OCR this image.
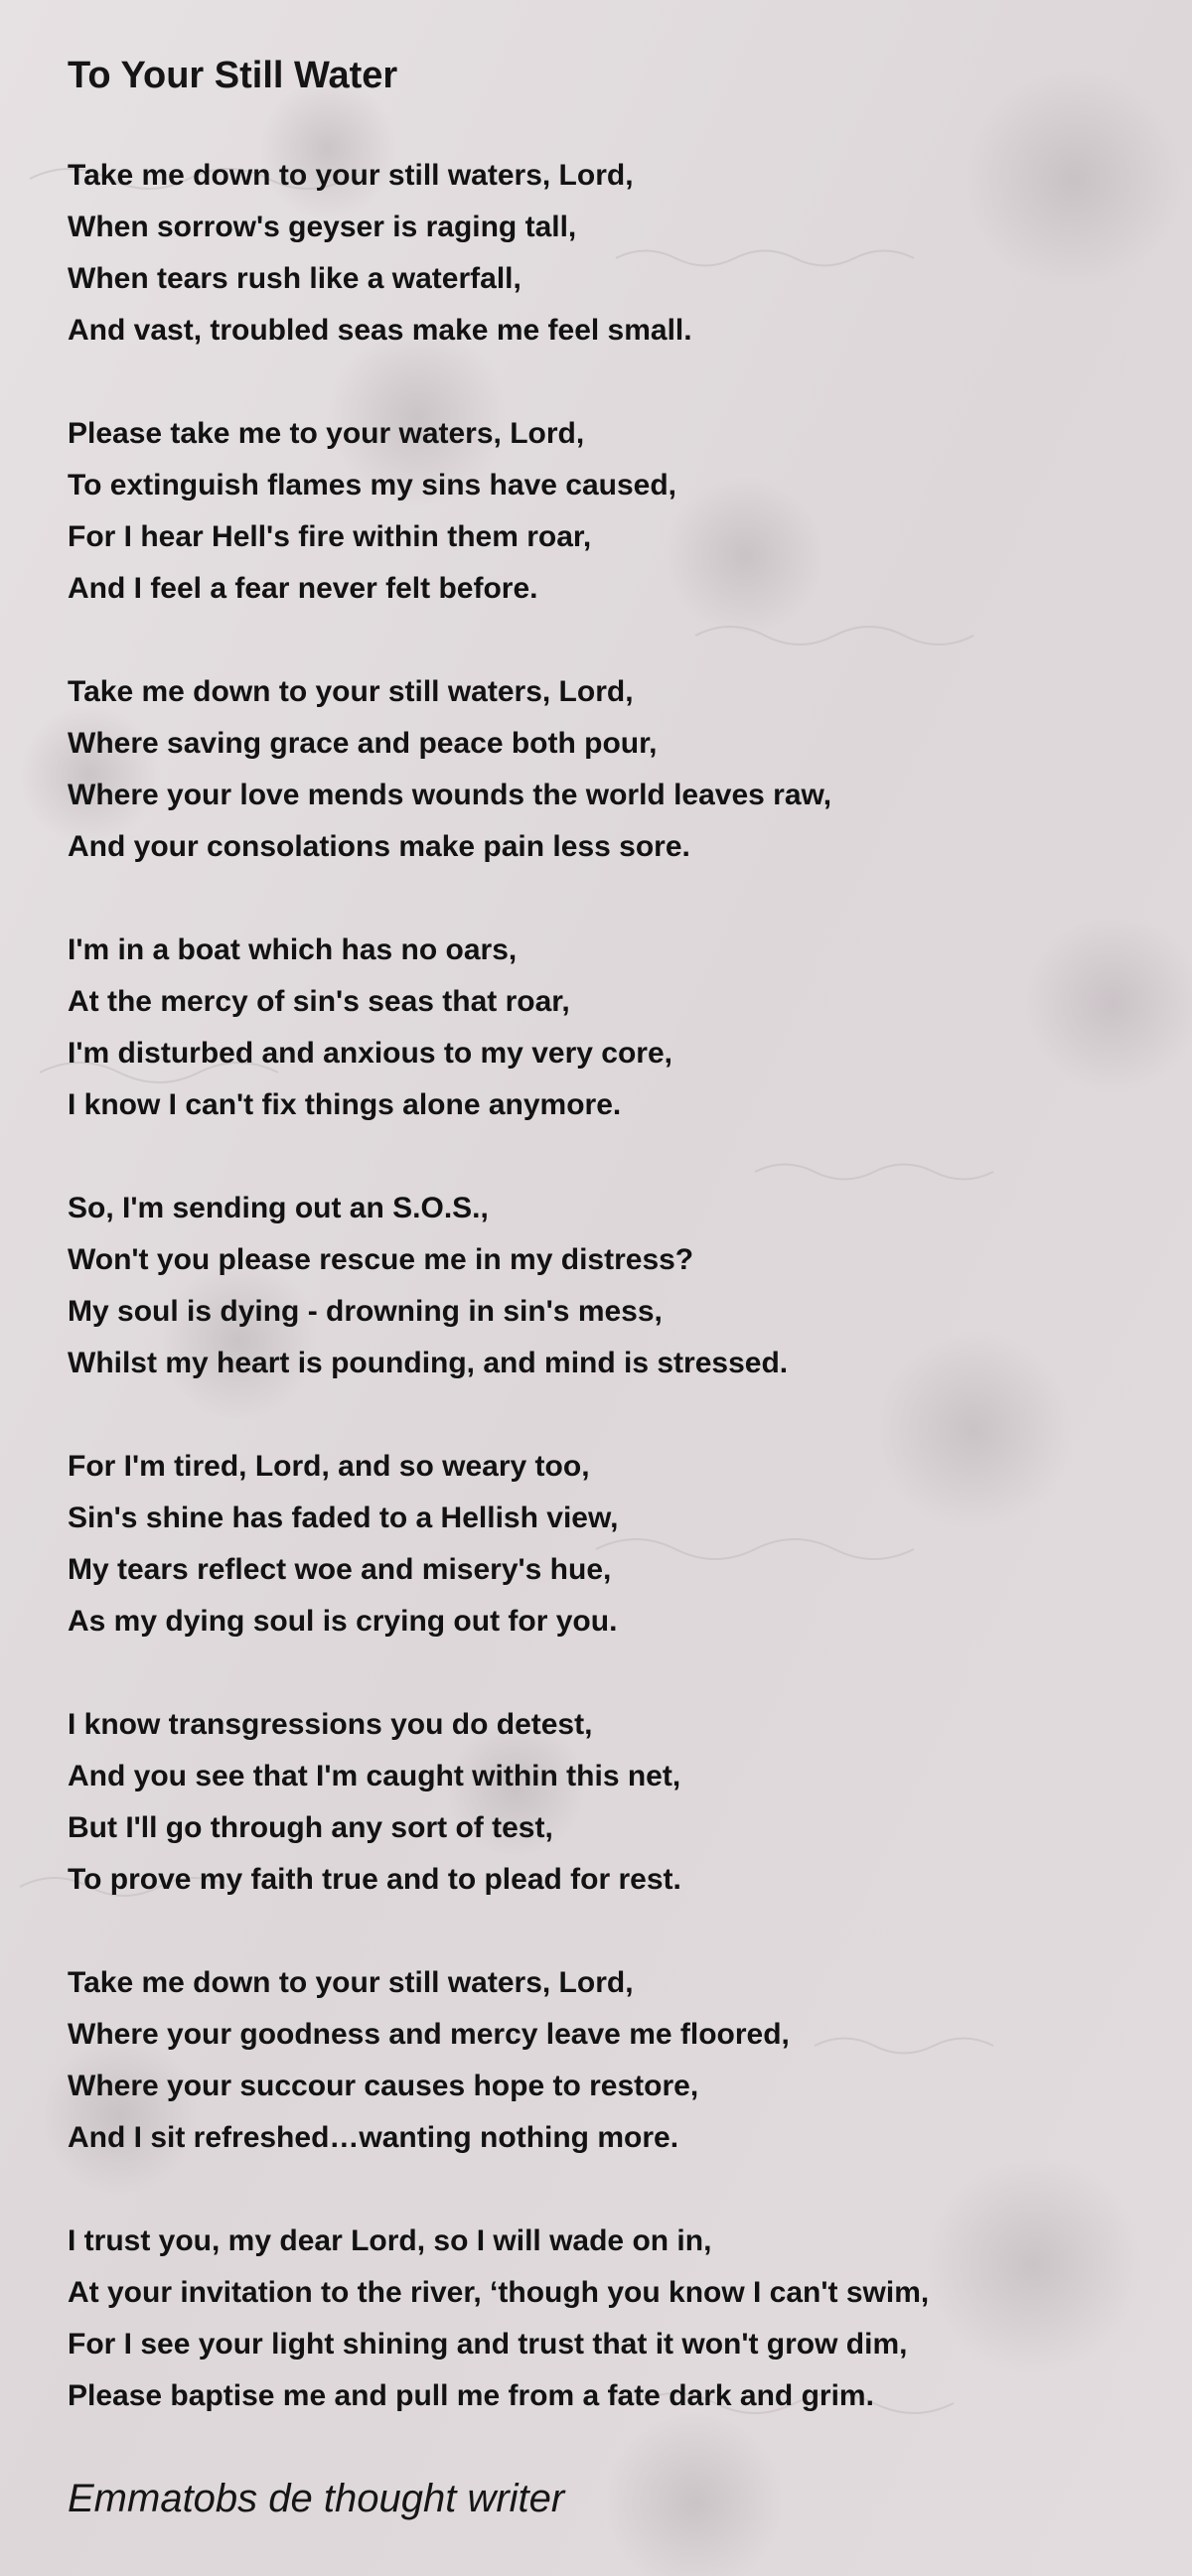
To Your Still Water
Take me down to your still waters, Lord,
When sorrow's geyser is raging tall,
When tears rush like a waterfall,
And vast, troubled seas make me feel small.
Please take me to your waters, Lord,
To extinguish flames my sins have caused,
For I hear Hell's fire within them roar,
And I feel a fear never felt before.
Take me down to your still waters, Lord,
Where saving grace and peace both pour,
Where your love mends wounds the world leaves raw,
And your consolations make pain less sore.
I'm in a boat which has no oars,
At the mercy of sin's seas that roar,
I'm disturbed and anxious to my very core,
I know I can't fix things alone anymore.
So, I'm sending out an S.O.S.,
Won't you please rescue me in my distress?
My soul is dying - drowning in sin's mess,
Whilst my heart is pounding, and mind is stressed.
For I'm tired, Lord, and so weary too,
Sin's shine has faded to a Hellish view,
My tears reflect woe and misery's hue,
As my dying soul is crying out for you.
I know transgressions you do detest,
And you see that I'm caught within this net,
But I'll go through any sort of test,
To prove my faith true and to plead for rest.
Take me down to your still waters, Lord,
Where your goodness and mercy leave me floored,
Where your succour causes hope to restore,
And I sit refreshed…wanting nothing more.
I trust you, my dear Lord, so I will wade on in,
At your invitation to the river, ‘though you know I can't swim,
For I see your light shining and trust that it won't grow dim,
Please baptise me and pull me from a fate dark and grim.
Emmatobs de thought writer
